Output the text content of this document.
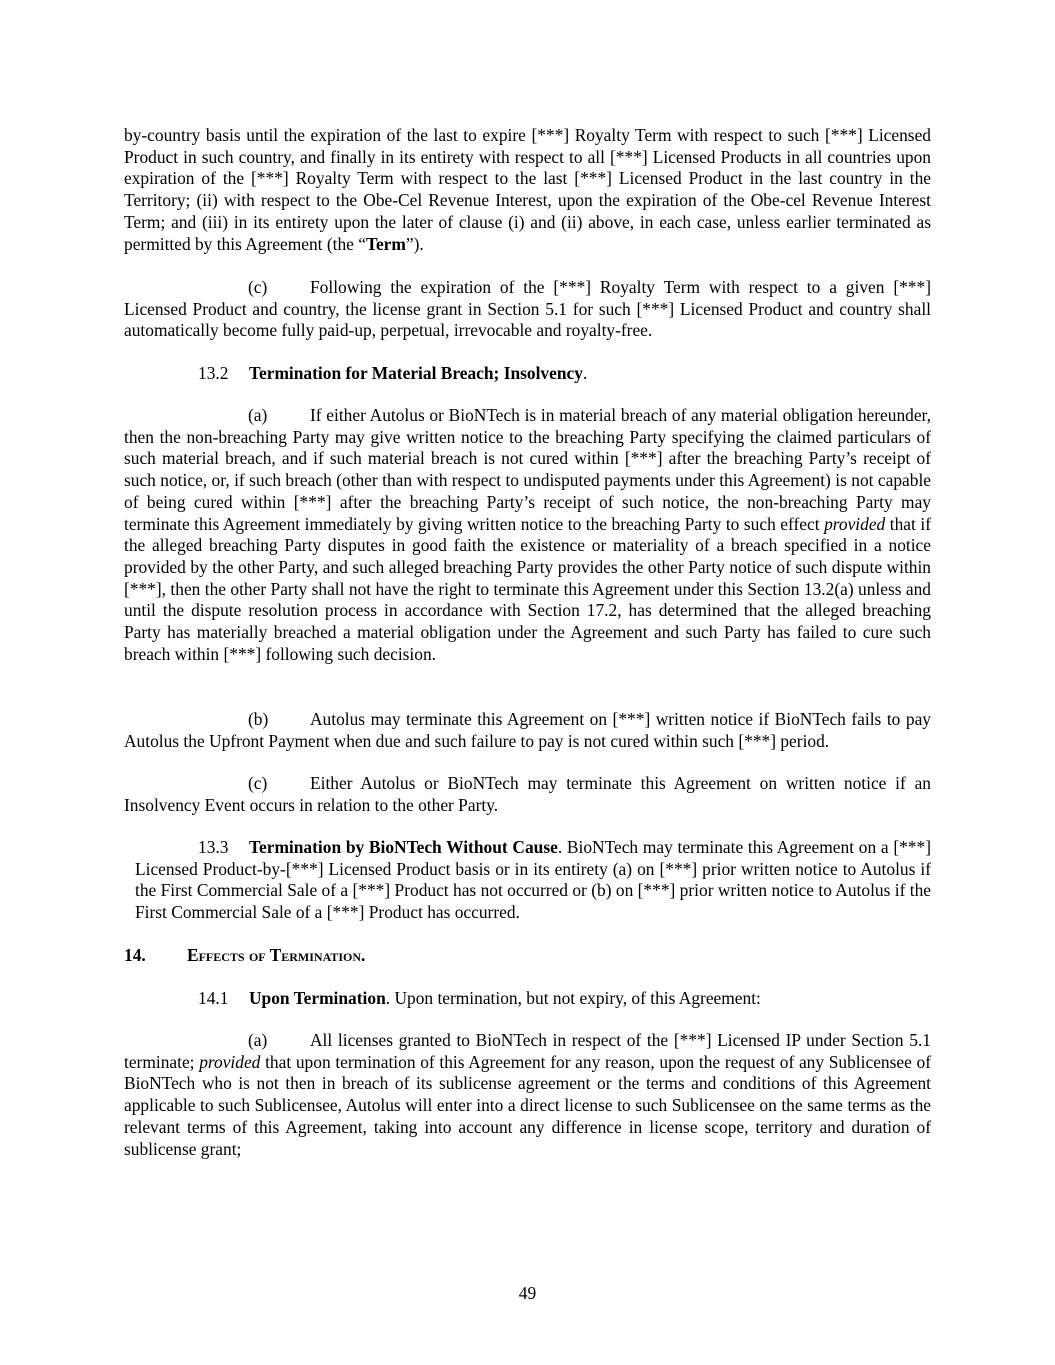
by-country basis until the expiration of the last to expire [***] Royalty Term with respect to such [***] Licensed Product in such country, and finally in its entirety with respect to all [***] Licensed Products in all countries upon expiration of the [***] Royalty Term with respect to the last [***] Licensed Product in the last country in the Territory; (ii) with respect to the Obe-Cel Revenue Interest, upon the expiration of the Obe-cel Revenue Interest Term; and (iii) in its entirety upon the later of clause (i) and (ii) above, in each case, unless earlier terminated as permitted by this Agreement (the “Term”).

(c) Following the expiration of the [***] Royalty Term with respect to a given [***] Licensed Product and country, the license grant in Section 5.1 for such [***] Licensed Product and country shall automatically become fully paid-up, perpetual, irrevocable and royalty-free.

13.2 Termination for Material Breach; Insolvency.

(a) If either Autolus or BioNTech is in material breach of any material obligation hereunder, then the non-breaching Party may give written notice to the breaching Party specifying the claimed particulars of such material breach, and if such material breach is not cured within [***] after the breaching Party’s receipt of such notice, or, if such breach (other than with respect to undisputed payments under this Agreement) is not capable of being cured within [***] after the breaching Party’s receipt of such notice, the non-breaching Party may terminate this Agreement immediately by giving written notice to the breaching Party to such effect provided that if the alleged breaching Party disputes in good faith the existence or materiality of a breach specified in a notice provided by the other Party, and such alleged breaching Party provides the other Party notice of such dispute within [***], then the other Party shall not have the right to terminate this Agreement under this Section 13.2(a) unless and until the dispute resolution process in accordance with Section 17.2, has determined that the alleged breaching Party has materially breached a material obligation under the Agreement and such Party has failed to cure such breach within [***] following such decision.

(b) Autolus may terminate this Agreement on [***] written notice if BioNTech fails to pay Autolus the Upfront Payment when due and such failure to pay is not cured within such [***] period.

(c) Either Autolus or BioNTech may terminate this Agreement on written notice if an Insolvency Event occurs in relation to the other Party.

13.3 Termination by BioNTech Without Cause. BioNTech may terminate this Agreement on a [***] Licensed Product-by-[***] Licensed Product basis or in its entirety (a) on [***] prior written notice to Autolus if the First Commercial Sale of a [***] Product has not occurred or (b) on [***] prior written notice to Autolus if the First Commercial Sale of a [***] Product has occurred.

14. Effects of Termination.

14.1 Upon Termination. Upon termination, but not expiry, of this Agreement:

(a) All licenses granted to BioNTech in respect of the [***] Licensed IP under Section 5.1 terminate; provided that upon termination of this Agreement for any reason, upon the request of any Sublicensee of BioNTech who is not then in breach of its sublicense agreement or the terms and conditions of this Agreement applicable to such Sublicensee, Autolus will enter into a direct license to such Sublicensee on the same terms as the relevant terms of this Agreement, taking into account any difference in license scope, territory and duration of sublicense grant;

49
